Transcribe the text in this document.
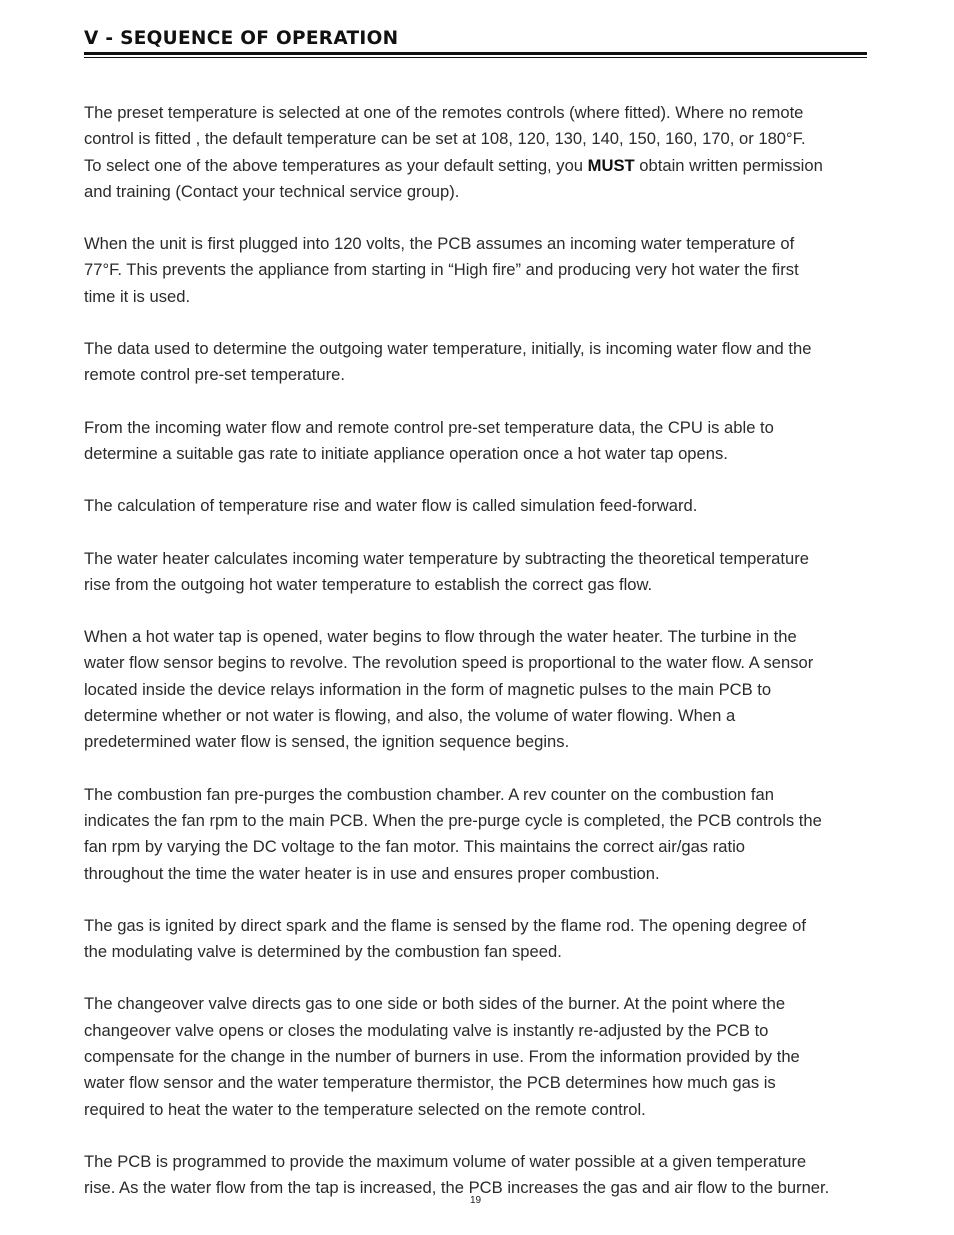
V - SEQUENCE OF OPERATION

The preset temperature is selected at one of the remotes controls (where fitted). Where no remote
control is fitted , the default temperature can be set at 108, 120, 130, 140, 150, 160, 170, or 180°F.
To select one of the above temperatures as your default setting, you MUST obtain written permission
and training (Contact your technical service group).

When the unit is first plugged into 120 volts, the PCB assumes an incoming water temperature of
77°F. This prevents the appliance from starting in “High fire” and producing very hot water the first
time it is used.

The data used to determine the outgoing water temperature, initially, is incoming water flow and the
remote control pre-set temperature.

From the incoming water flow and remote control pre-set temperature data, the CPU is able to
determine a suitable gas rate to initiate appliance operation once a hot water tap opens.

The calculation of temperature rise and water flow is called simulation feed-forward.

The water heater calculates incoming water temperature by subtracting the theoretical temperature
rise from the outgoing hot water temperature to establish the correct gas flow.

When a hot water tap is opened, water begins to flow through the water heater. The turbine in the
water flow sensor begins to revolve. The revolution speed is proportional to the water flow. A sensor
located inside the device relays information in the form of magnetic pulses to the main PCB to
determine whether or not water is flowing, and also, the volume of water flowing. When a
predetermined water flow is sensed, the ignition sequence begins.

The combustion fan pre-purges the combustion chamber. A rev counter on the combustion fan
indicates the fan rpm to the main PCB. When the pre-purge cycle is completed, the PCB controls the
fan rpm by varying the DC voltage to the fan motor. This maintains the correct air/gas ratio
throughout the time the water heater is in use and ensures proper combustion.

The gas is ignited by direct spark and the flame is sensed by the flame rod. The opening degree of
the modulating valve is determined by the combustion fan speed.

The changeover valve directs gas to one side or both sides of the burner. At the point where the
changeover valve opens or closes the modulating valve is instantly re-adjusted by the PCB to
compensate for the change in the number of burners in use. From the information provided by the
water flow sensor and the water temperature thermistor, the PCB determines how much gas is
required to heat the water to the temperature selected on the remote control.

The PCB is programmed to provide the maximum volume of water possible at a given temperature
rise. As the water flow from the tap is increased, the PCB increases the gas and air flow to the burner.

19
